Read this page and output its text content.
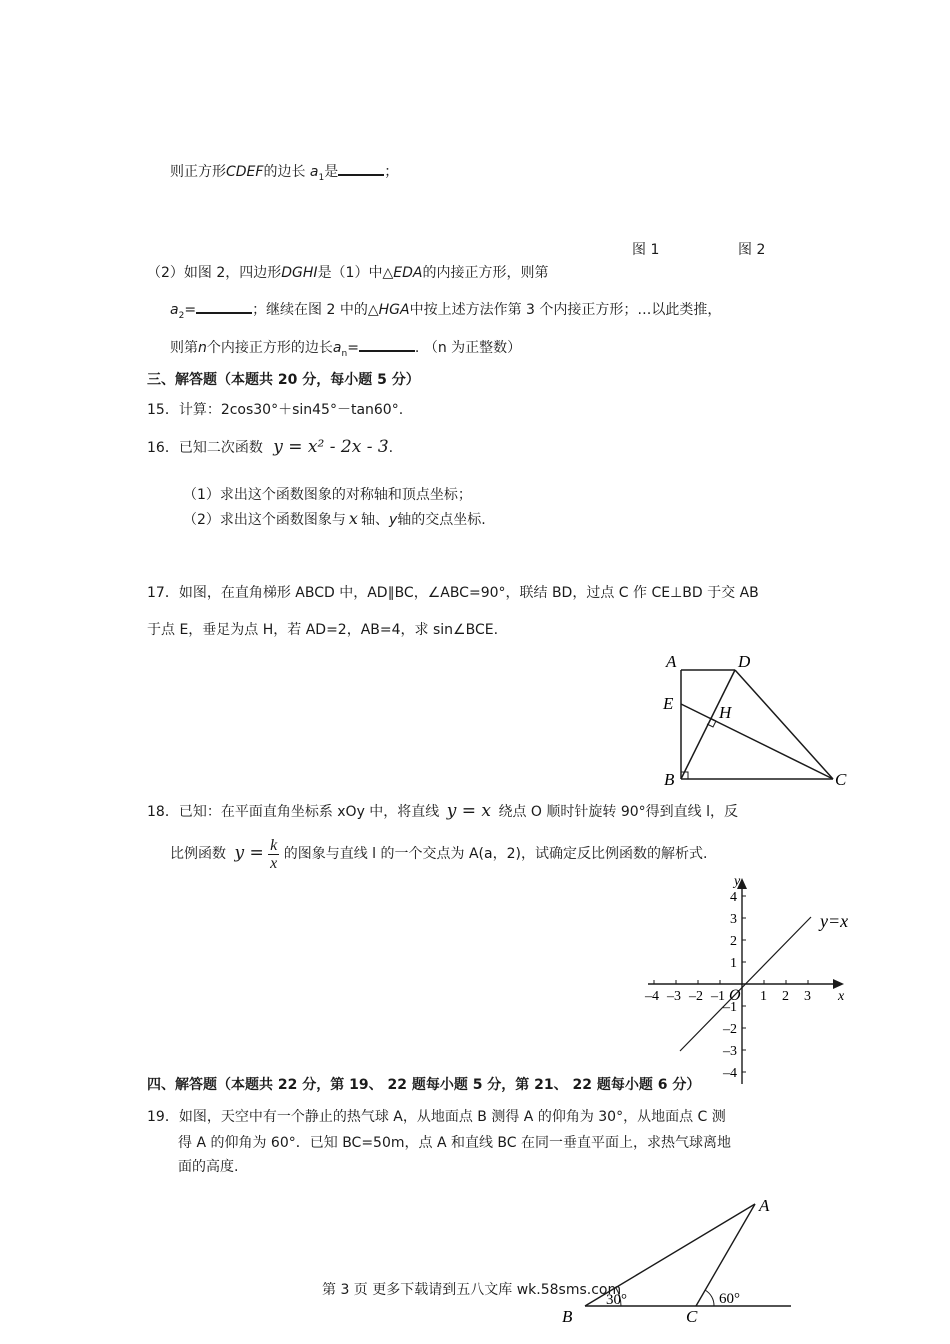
则正方形CDEF的边长 $a_1$是	；
图 1	图 2
（2）如图 2，四边形DGHI是（1）中△EDA的内接正方形，则第
$a_2=$	；继续在图 2 中的△HGA中按上述方法作第 3 个内接正方形；…以此类推，
则第n个内接正方形的边长$a_n=$	. （n 为正整数）
三、解答题（本题共 20 分，每小题 5 分）
15．计算：2cos30°＋sin45°－tan60°.
16．已知二次函数 y = x² - 2x - 3.
（1）求出这个函数图象的对称轴和顶点坐标；
（2）求出这个函数图象与 x 轴、y轴的交点坐标.
17．如图，在直角梯形 ABCD 中，AD∥BC，∠ABC=90°，联结 BD，过点 C 作 CE⊥BD 于交 AB
于点 E，垂足为点 H，若 AD=2，AB=4，求 sin∠BCE.
A	D
E	H
B	C
18．已知：在平面直角坐标系 xOy 中，将直线 y = x 绕点 O 顺时针旋转 90°得到直线 l，反
比例函数 $y = \frac{k}{x}$ 的图象与直线 l 的一个交点为 A(a，2)，试确定反比例函数的解析式.
–4 –3 –2 –1	1 2 3
4
3
2
1
–1
–2
–3
–4
x
y
O
y=x
四、解答题（本题共 22 分，第 19、 22 题每小题 5 分，第 21、 22 题每小题 6 分）
19．如图，天空中有一个静止的热气球 A，从地面点 B 测得 A 的仰角为 30°，从地面点 C 测
得 A 的仰角为 60°．已知 BC=50m，点 A 和直线 BC 在同一垂直平面上，求热气球离地
面的高度.
A
B	C
30°	60°
第 3 页 更多下载请到五八文库 wk.58sms.com
